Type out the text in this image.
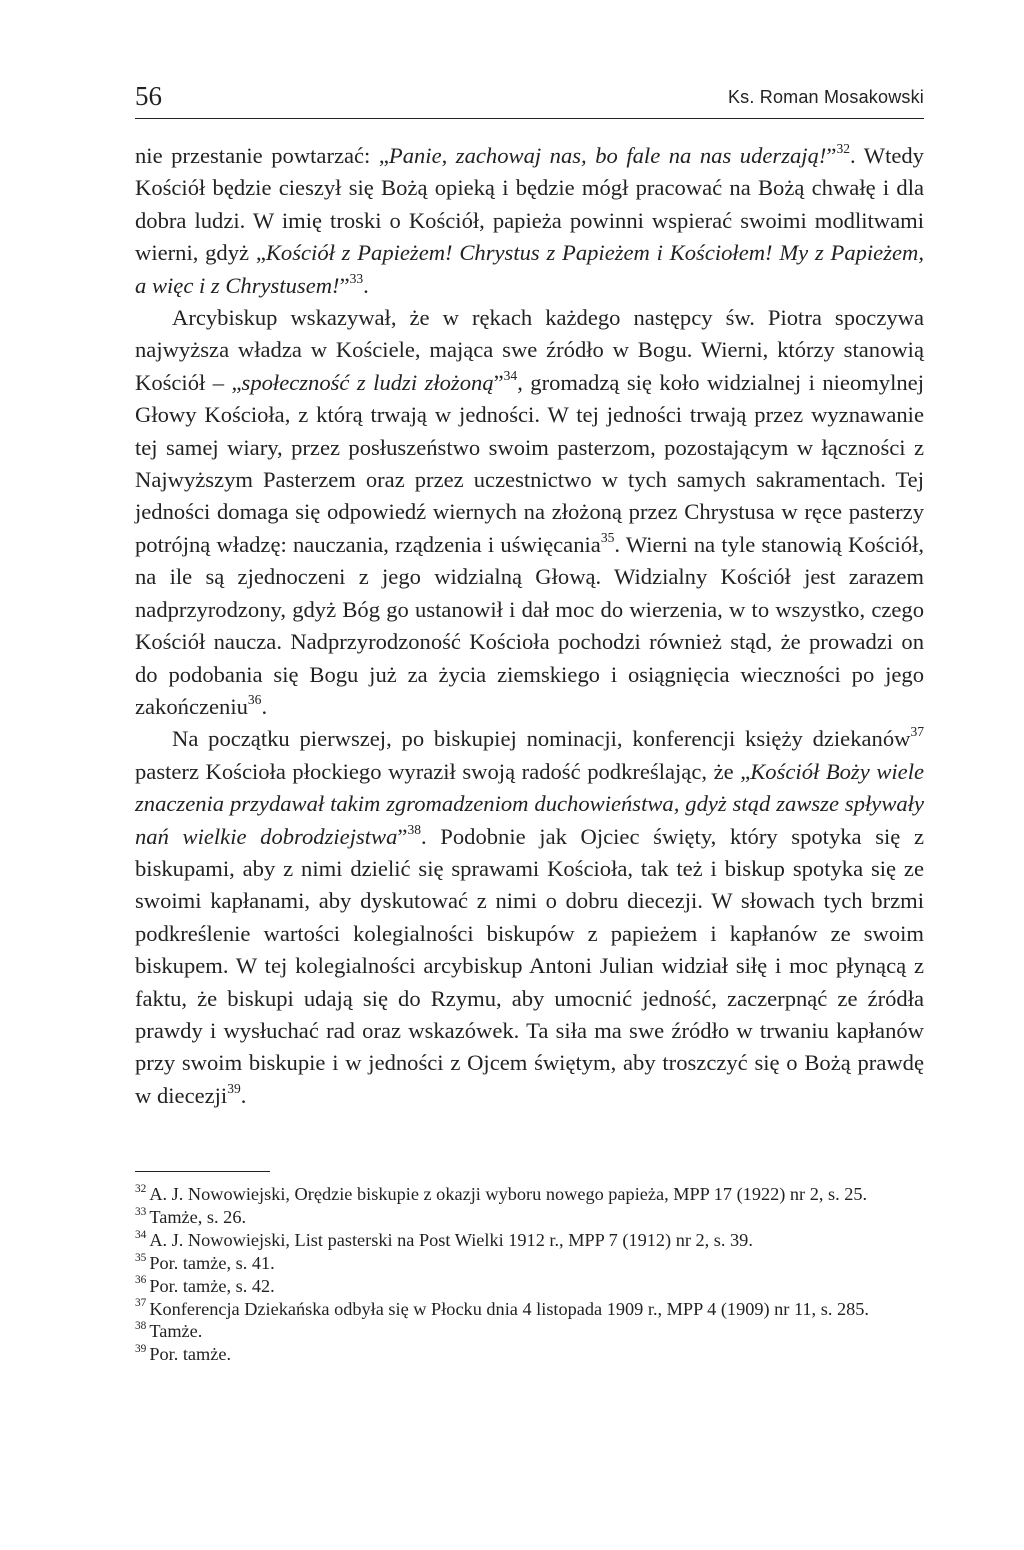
56	Ks. Roman Mosakowski

nie przestanie powtarzać: „Panie, zachowaj nas, bo fale na nas uderzają!”$^{32}$. Wtedy Kościół będzie cieszył się Bożą opieką i będzie mógł pracować na Bożą chwałę i dla dobra ludzi. W imię troski o Kościół, papieża powinni wspierać swoimi modlitwami wierni, gdyż „Kościół z Papieżem! Chrystus z Papieżem i Kościołem! My z Papieżem, a więc i z Chrystusem!”$^{33}$.

Arcybiskup wskazywał, że w rękach każdego następcy św. Piotra spoczywa najwyższa władza w Kościele, mająca swe źródło w Bogu. Wierni, którzy stanowią Kościół – „społeczność z ludzi złożoną”$^{34}$, gromadzą się koło widzialnej i nieomylnej Głowy Kościoła, z którą trwają w jedności. W tej jedności trwają przez wyznawanie tej samej wiary, przez posłuszeństwo swoim pasterzom, pozostającym w łączności z Najwyższym Pasterzem oraz przez uczestnictwo w tych samych sakramentach. Tej jedności domaga się odpowiedź wiernych na złożoną przez Chrystusa w ręce pasterzy potrójną władzę: nauczania, rządzenia i uświęcania$^{35}$. Wierni na tyle stanowią Kościół, na ile są zjednoczeni z jego widzialną Głową. Widzialny Kościół jest zarazem nadprzyrodzony, gdyż Bóg go ustanowił i dał moc do wierzenia, w to wszystko, czego Kościół naucza. Nadprzyrodzoność Kościoła pochodzi również stąd, że prowadzi on do podobania się Bogu już za życia ziemskiego i osiągnięcia wieczności po jego zakończeniu$^{36}$.

Na początku pierwszej, po biskupiej nominacji, konferencji księży dziekanów$^{37}$ pasterz Kościoła płockiego wyraził swoją radość podkreślając, że „Kościół Boży wiele znaczenia przydawał takim zgromadzeniom duchowieństwa, gdyż stąd zawsze spływały nań wielkie dobrodziejstwa”$^{38}$. Podobnie jak Ojciec święty, który spotyka się z biskupami, aby z nimi dzielić się sprawami Kościoła, tak też i biskup spotyka się ze swoimi kapłanami, aby dyskutować z nimi o dobru diecezji. W słowach tych brzmi podkreślenie wartości kolegialności biskupów z papieżem i kapłanów ze swoim biskupem. W tej kolegialności arcybiskup Antoni Julian widział siłę i moc płynącą z faktu, że biskupi udają się do Rzymu, aby umocnić jedność, zaczerpnąć ze źródła prawdy i wysłuchać rad oraz wskazówek. Ta siła ma swe źródło w trwaniu kapłanów przy swoim biskupie i w jedności z Ojcem świętym, aby troszczyć się o Bożą prawdę w diecezji$^{39}$.

$^{32}$ A. J. Nowowiejski, Orędzie biskupie z okazji wyboru nowego papieża, MPP 17 (1922) nr 2, s. 25.
$^{33}$ Tamże, s. 26.
$^{34}$ A. J. Nowowiejski, List pasterski na Post Wielki 1912 r., MPP 7 (1912) nr 2, s. 39.
$^{35}$ Por. tamże, s. 41.
$^{36}$ Por. tamże, s. 42.
$^{37}$ Konferencja Dziekańska odbyła się w Płocku dnia 4 listopada 1909 r., MPP 4 (1909) nr 11, s. 285.
$^{38}$ Tamże.
$^{39}$ Por. tamże.
